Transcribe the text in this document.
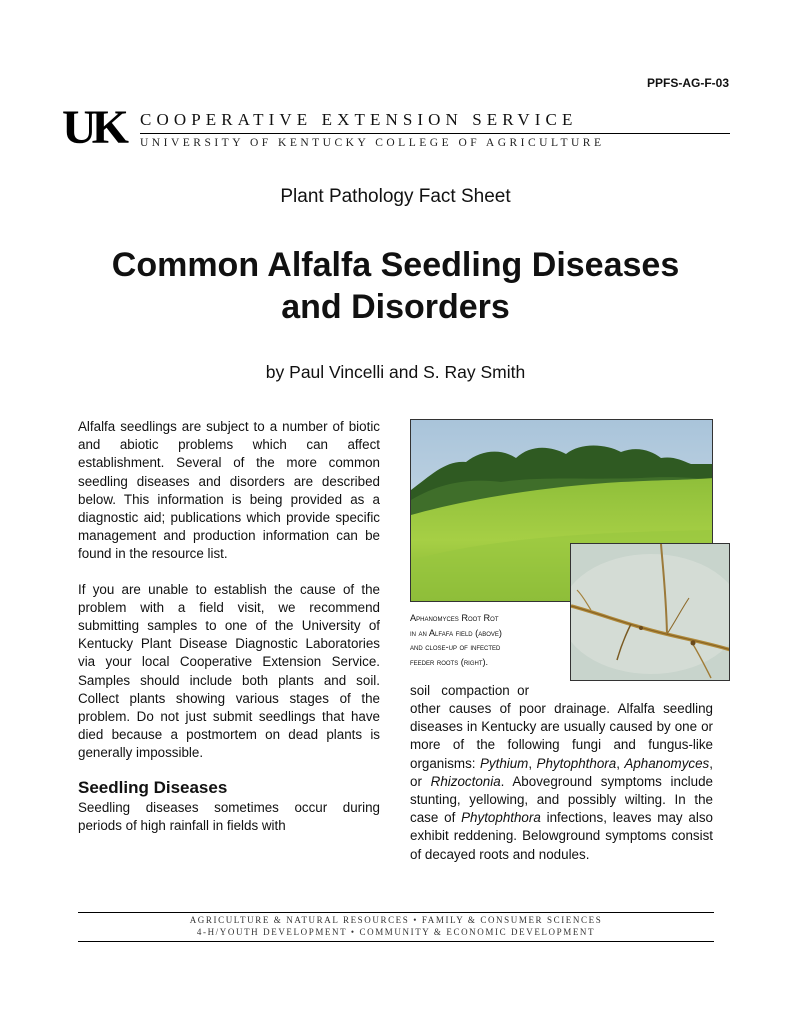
PPFS-AG-F-03
UK COOPERATIVE EXTENSION SERVICE
UNIVERSITY OF KENTUCKY COLLEGE OF AGRICULTURE
Plant Pathology Fact Sheet
Common Alfalfa Seedling Diseases
and Disorders
by Paul Vincelli and S. Ray Smith

Alfalfa seedlings are subject to a number of biotic and abiotic problems which can affect establishment. Several of the more common seedling diseases and disorders are described below. This information is being provided as a diagnostic aid; publications which provide specific management and production information can be found in the resource list.

If you are unable to establish the cause of the problem with a field visit, we recommend submitting samples to one of the University of Kentucky Plant Disease Diagnostic Laboratories via your local Cooperative Extension Service. Samples should include both plants and soil. Collect plants showing various stages of the problem. Do not just submit seedlings that have died because a postmortem on dead plants is generally impossible.

Seedling Diseases

Seedling diseases sometimes occur during periods of high rainfall in fields with

Aphanomyces Root Rot
in an Alfafa field (above)
and close-up of infected
feeder roots (right).
soil   compaction  or

other causes of poor drainage. Alfalfa seedling diseases in Kentucky are usually caused by one or more of the following fungi and fungus-like organisms: Pythium, Phytophthora, Aphanomyces, or Rhizoctonia. Aboveground symptoms include stunting, yellowing, and possibly wilting. In the case of Phytophthora infections, leaves may also exhibit reddening. Belowground symptoms consist of decayed roots and nodules.

AGRICULTURE & NATURAL RESOURCES • FAMILY & CONSUMER SCIENCES
4-H/YOUTH DEVELOPMENT • COMMUNITY & ECONOMIC DEVELOPMENT
